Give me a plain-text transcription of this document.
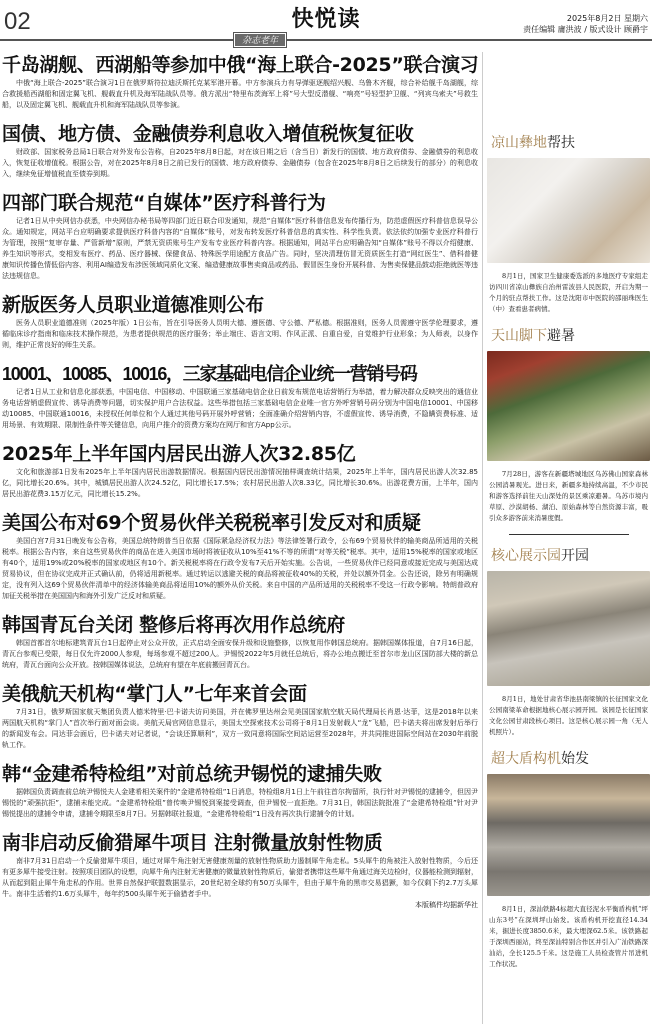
02	快悦读
杂志老年
2025年8月2日 星期六
责任编辑 庸洪波 / 版式设计 顾爵宇
千岛湖舰、西湖船等参加中俄“海上联合-2025”联合演习

中俄“海上联合-2025”联合演习1日在俄罗斯符拉迪沃斯托克某军港开幕。中方参演兵力有导弹驱逐舰绍兴舰、乌鲁木齐舰，综合补给舰千岛湖舰，综合救援船西湖船和固定翼飞机、舰载直升机及海军陆战队员等。俄方派出“特里布茨海军上将”号大型反潜舰、“响亮”号轻型护卫舰、“列宾乌索夫”号救生船，以及固定翼飞机、舰载直升机和海军陆战队员等参演。

国债、地方债、金融债券利息收入增值税恢复征收

财政部、国家税务总局1日联合对外发布公告称，自2025年8月8日起，对在该日期之后（含当日）新发行的国债、地方政府债券、金融债券的利息收入，恢复征收增值税。根据公告，对在2025年8月8日之前已发行的国债、地方政府债券、金融债券（包含在2025年8月8日之后续发行的部分）的利息收入，继续免征增值税直至债券到期。

四部门联合规范“自媒体”医疗科普行为

记者1日从中央网信办获悉，中央网信办秘书局等四部门近日联合印发通知，规范“自媒体”医疗科普信息发布传播行为，防范虚假医疗科普信息误导公众。通知规定，网站平台应明确要求提供医疗科普内容的“自媒体”账号，对发布转发医疗科普信息的真实性、科学性负责。依法依约加强专业医疗科普行为管理，按照“复审存量、严管新增”原则，严禁无资质账号生产发布专业医疗科普内容。根据通知，网站平台应明确告知“自媒体”账号不得以介绍健康、养生知识等形式，变相发布医疗、药品、医疗器械、保健食品、特殊医学用途配方食品广告。同时，坚决清理仿冒无资质医生打造“网红医生”、借科普健康知识传播色情低俗内容、利用AI编造发布涉医领域同质化文案、编造健康故事售卖商品或药品、假冒医生身份开展科普、为售卖保健品鼓动拒绝就医等违法违规信息。

新版医务人员职业道德准则公布

医务人员职业道德准则（2025年版）1日公布，旨在引导医务人员明大德、遵医德、守公德、严私德。根据准则，医务人员需遵守医学伦理要求，遵循临床诊疗指南和临床技术操作规范，为患者提供规范的医疗服务；举止端庄、语言文明、作风正派、自重自爱，自觉维护行业形象；为人师表，以身作则，维护正常良好的师生关系。

10001、10085、10016，三家基础电信企业统一营销号码

记者1日从工业和信息化部获悉，中国电信、中国移动、中国联通三家基础电信企业日前发布规范电话营销行为举措，着力解决群众反映突出的通信业务电话营销虚假宣传、诱导消费等问题，切实保护用户合法权益。这些举措包括三家基础电信企业唯一官方外呼营销号码分别为中国电信10001、中国移动10085、中国联通10016，未授权任何单位和个人通过其他号码开展外呼营销；全面准确介绍营销内容，不虚假宣传、诱导消费，不隐瞒资费标准、适用场景、有效期限、限制性条件等关键信息，向用户推介的资费方案均在网厅和官方App公示。

2025年上半年国内居民出游人次32.85亿

文化和旅游部1日发布2025年上半年国内居民出游数据情况。根据国内居民出游情况抽样调查统计结果，2025年上半年，国内居民出游人次32.85亿，同比增长20.6%。其中，城镇居民出游人次24.52亿，同比增长17.5%；农村居民出游人次8.33亿，同比增长30.6%。出游花费方面，上半年，国内居民出游花费3.15万亿元，同比增长15.2%。

美国公布对69个贸易伙伴关税税率引发反对和质疑

美国白宫7月31日晚发布公告称，美国总统特朗普当日依据《国际紧急经济权力法》等法律签署行政令，公布69个贸易伙伴的输美商品所适用的关税税率。根据公告内容，来自这些贸易伙伴的商品在进入美国市场时将被征收从10%至41%不等的所谓“对等关税”税率。其中，适用15%税率的国家或地区有40个，适用19%或20%税率的国家或地区有10个。新关税税率将在行政令发布7天后开始实施。公告说，一些贸易伙伴已经同意或接近完成与美国达成贸易协议，但在协议完成并正式确认前，仍将适用新税率。通过转运以逃避关税的商品将被征收40%的关税，并处以额外罚金。公告还说，除另有明确规定，没有列入这69个贸易伙伴清单中的经济体输美商品将适用10%的额外从价关税。来自中国的产品所适用的关税税率不受这一行政令影响。特朗普政府加征关税举措在美国国内和海外引发广泛反对和质疑。

韩国青瓦台关闭 整修后将再次用作总统府

韩国首都首尔地标建筑青瓦台1日起停止对公众开放，正式启动全面安保升级和设施整修，以恢复用作韩国总统府。据韩国媒体报道，自7月16日起，青瓦台参观已受限，每日仅允许2000人参观，每场参观不超过200人。尹锡悦2022年5月就任总统后，将办公地点搬迁至首尔市龙山区国防部大楼的新总统府，青瓦台面向公众开放。按韩国媒体说法，总统府有望在年底前搬回青瓦台。

美俄航天机构“掌门人”七年来首会面

7月31日，俄罗斯国家航天集团负责人德米特里·巴卡诺夫访问美国，并在佛罗里达州会见美国国家航空航天局代理局长肖恩·达菲，这是2018年以来两国航天机构“掌门人”首次举行面对面会谈。美航天局官网信息显示，美国太空探索技术公司将于8月1日发射载人“龙”飞船，巴卡诺夫将出席发射后举行的新闻发布会。同达菲会面后，巴卡诺夫对记者说，“会谈还算顺利”，双方一致同意将国际空间站运营至2028年，并共同推进国际空间站在2030年前脱轨工作。

韩“金建希特检组”对前总统尹锡悦的逮捕失败

据韩国负责调查前总统尹锡悦夫人金建希相关案件的“金建希特检组”1日消息，特检组8月1日上午前往首尔拘留所，执行针对尹锡悦的逮捕令，但因尹锡悦的“顽强抗拒”，逮捕未能完成。“金建希特检组”曾传唤尹锡悦到案接受调查，但尹锡悦一直拒绝。7月31日，韩国法院批准了“金建希特检组”针对尹锡悦提出的逮捕令申请，逮捕令期限至8月7日。另据韩联社报道，“金建希特检组”1日没有再次执行逮捕令的计划。

南非启动反偷猎犀牛项目 注射微量放射性物质

南非7月31日启动一个反偷猎犀牛项目，通过对犀牛角注射无害健康剂量的放射性物质助力遏制犀牛角走私。5头犀牛的角被注入放射性物质，今后还有更多犀牛接受注射。按照项目团队的设想，向犀牛角内注射无害健康的微量放射性物质后，偷猎者携带这些犀牛角通过海关边检时，仪器能检测到辐射，从而起到阻止犀牛角走私的作用。世界自然保护联盟数据显示，20世纪初全球约有50万头犀牛，但由于犀牛角的黑市交易猖獗，如今仅剩下约2.7万头犀牛。南非生活着约1.6万头犀牛，每年约500头犀牛死于偷猎者手中。

本版稿件均据新华社
凉山彝地帮扶

8月1日，国家卫生健康委选派的多地医疗专家组走访四川省凉山彝族自治州雷波县人民医院，开启为期一个月的驻点帮扶工作。这是沈阳市中医院的邵丽珠医生（中）查看患者病情。

天山脚下避暑

7月28日，游客在新疆塔城地区乌苏佛山国家森林公园消暑观光。进日来，新疆多地持续高温，不少市民和游客选择前往天山深处的景区乘凉避暑。乌苏市境内草原、沙漠胡杨、湖泊、原始森林等自然资源丰富，吸引众多游客前来消暑度假。

核心展示园开园

8月1日，地处甘肃省华池县南梁镇的长征国家文化公园南梁革命根据地核心展示园开园。该园是长征国家文化公园甘肃段核心项目。这是核心展示园一角（无人机照片）。

超大盾构机始发

8月1日，深汕铁路4标超大直径泥水平衡盾构机“坪山东3号”在深圳坪山始发。该盾构机开挖直径14.34米，掘进长度3850.6米，最大埋深62.5米。该铁路起于深圳西丽站，终至深汕特别合作区并引入广汕铁路深汕站，全长125.5千米。这是施工人员检查管片吊进机工作状况。
